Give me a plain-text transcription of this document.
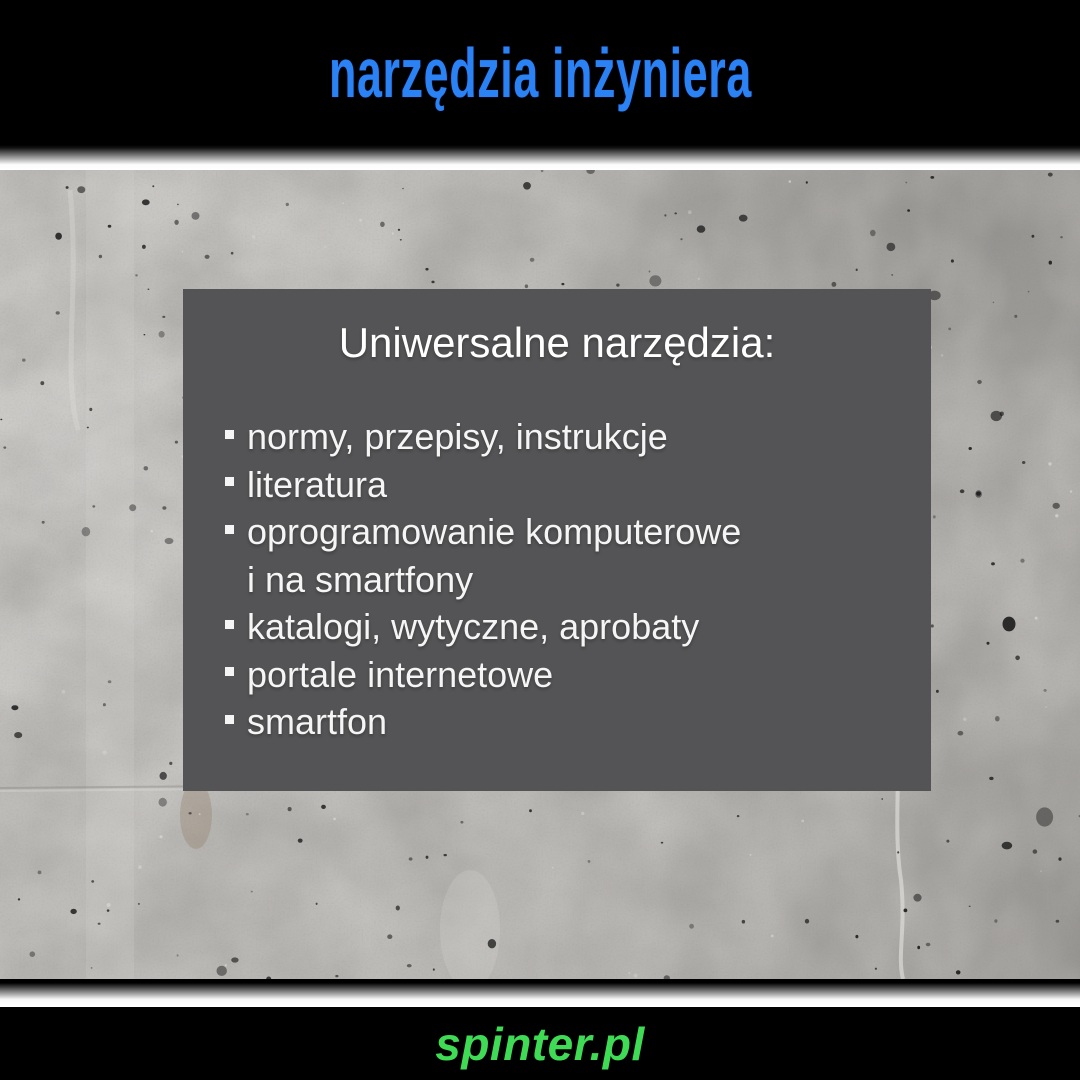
narzędzia inżyniera
Uniwersalne narzędzia:
normy, przepisy, instrukcje
literatura
oprogramowanie komputerowe
i na smartfony
katalogi, wytyczne, aprobaty
portale internetowe
smartfon
spinter.pl
